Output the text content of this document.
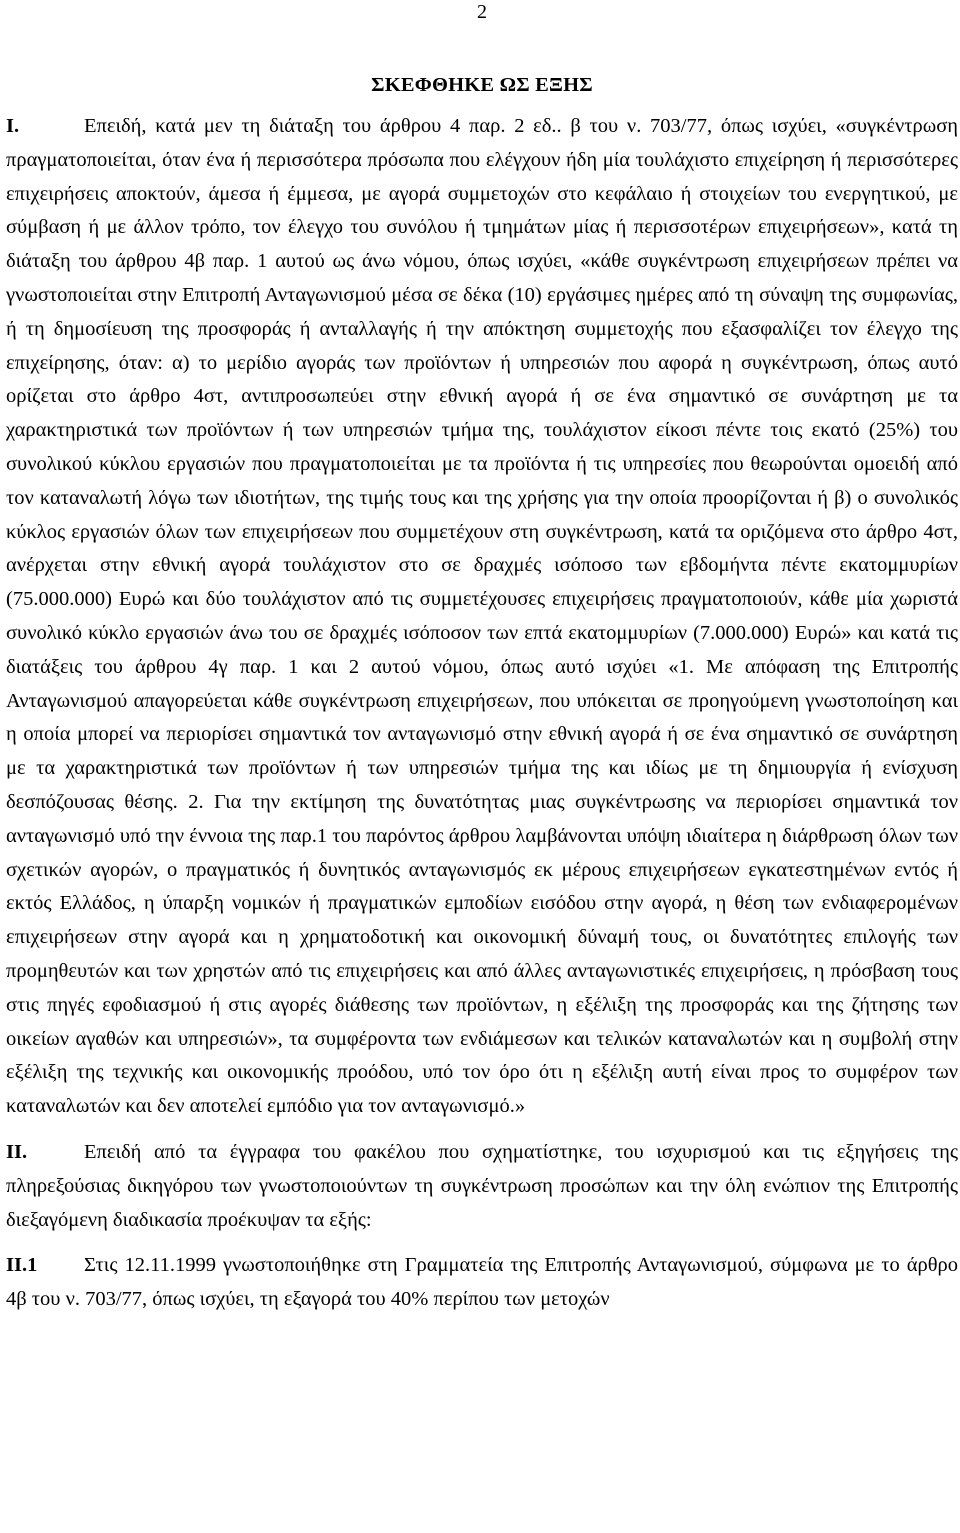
2
ΣΚΕΦΘΗΚΕ ΩΣ ΕΞΗΣ

Ι.	Επειδή, κατά μεν τη διάταξη του άρθρου 4 παρ. 2 εδ.. β του ν. 703/77, όπως ισχύει, «συγκέντρωση πραγματοποιείται, όταν ένα ή περισσότερα πρόσωπα που ελέγχουν ήδη μία τουλάχιστο επιχείρηση ή περισσότερες επιχειρήσεις αποκτούν, άμεσα ή έμμεσα, με αγορά συμμετοχών στο κεφάλαιο ή στοιχείων του ενεργητικού, με σύμβαση ή με άλλον τρόπο, τον έλεγχο του συνόλου ή τμημάτων μίας ή περισσοτέρων επιχειρήσεων», κατά τη διάταξη του άρθρου 4β παρ. 1 αυτού ως άνω νόμου, όπως ισχύει, «κάθε συγκέντρωση επιχειρήσεων πρέπει να γνωστοποιείται στην Επιτροπή Ανταγωνισμού μέσα σε δέκα (10) εργάσιμες ημέρες από τη σύναψη της συμφωνίας, ή τη δημοσίευση της προσφοράς ή ανταλλαγής ή την απόκτηση συμμετοχής που εξασφαλίζει τον έλεγχο της επιχείρησης, όταν: α) το μερίδιο αγοράς των προϊόντων ή υπηρεσιών που αφορά η συγκέντρωση, όπως αυτό ορίζεται στο άρθρο 4στ, αντιπροσωπεύει στην εθνική αγορά ή σε ένα σημαντικό σε συνάρτηση με τα χαρακτηριστικά των προϊόντων ή των υπηρεσιών τμήμα της, τουλάχιστον είκοσι πέντε τοις εκατό (25%) του συνολικού κύκλου εργασιών που πραγματοποιείται με τα προϊόντα ή τις υπηρεσίες που θεωρούνται ομοειδή από τον καταναλωτή λόγω των ιδιοτήτων, της τιμής τους και της χρήσης για την οποία προορίζονται ή β) ο συνολικός κύκλος εργασιών όλων των επιχειρήσεων που συμμετέχουν στη συγκέντρωση, κατά τα οριζόμενα στο άρθρο 4στ, ανέρχεται στην εθνική αγορά τουλάχιστον στο σε δραχμές ισόποσο των εβδομήντα πέντε εκατομμυρίων (75.000.000) Ευρώ και δύο τουλάχιστον από τις συμμετέχουσες επιχειρήσεις πραγματοποιούν, κάθε μία χωριστά συνολικό κύκλο εργασιών άνω του σε δραχμές ισόποσον των επτά εκατομμυρίων (7.000.000) Ευρώ» και κατά τις διατάξεις του άρθρου 4γ παρ. 1 και 2 αυτού νόμου, όπως αυτό ισχύει «1. Με απόφαση της Επιτροπής Ανταγωνισμού απαγορεύεται κάθε συγκέντρωση επιχειρήσεων, που υπόκειται σε προηγούμενη γνωστοποίηση και η οποία μπορεί να περιορίσει σημαντικά τον ανταγωνισμό στην εθνική αγορά ή σε ένα σημαντικό σε συνάρτηση με τα χαρακτηριστικά των προϊόντων ή των υπηρεσιών τμήμα της και ιδίως με τη δημιουργία ή ενίσχυση δεσπόζουσας θέσης. 2. Για την εκτίμηση της δυνατότητας μιας συγκέντρωσης να περιορίσει σημαντικά τον ανταγωνισμό υπό την έννοια της παρ.1 του παρόντος άρθρου λαμβάνονται υπόψη ιδιαίτερα η διάρθρωση όλων των σχετικών αγορών, ο πραγματικός ή δυνητικός ανταγωνισμός εκ μέρους επιχειρήσεων εγκατεστημένων εντός ή εκτός Ελλάδος, η ύπαρξη νομικών ή πραγματικών εμποδίων εισόδου στην αγορά, η θέση των ενδιαφερομένων επιχειρήσεων στην αγορά και η χρηματοδοτική και οικονομική δύναμή τους, οι δυνατότητες επιλογής των προμηθευτών και των χρηστών από τις επιχειρήσεις και από άλλες ανταγωνιστικές επιχειρήσεις, η πρόσβαση τους στις πηγές εφοδιασμού ή στις αγορές διάθεσης των προϊόντων, η εξέλιξη της προσφοράς και της ζήτησης των οικείων αγαθών και υπηρεσιών», τα συμφέροντα των ενδιάμεσων και τελικών καταναλωτών και η συμβολή στην εξέλιξη της τεχνικής και οικονομικής προόδου, υπό τον όρο ότι η εξέλιξη αυτή είναι προς το συμφέρον των καταναλωτών και δεν αποτελεί εμπόδιο για τον ανταγωνισμό.»

ΙΙ.	Επειδή από τα έγγραφα του φακέλου που σχηματίστηκε, του ισχυρισμού και τις εξηγήσεις της πληρεξούσιας δικηγόρου των γνωστοποιούντων τη συγκέντρωση προσώπων και την όλη ενώπιον της Επιτροπής διεξαγόμενη διαδικασία προέκυψαν τα εξής:

ΙΙ.1 Στις 12.11.1999 γνωστοποιήθηκε στη Γραμματεία της Επιτροπής Ανταγωνισμού, σύμφωνα με το άρθρο 4β του ν. 703/77, όπως ισχύει, τη εξαγορά του 40% περίπου των μετοχών
